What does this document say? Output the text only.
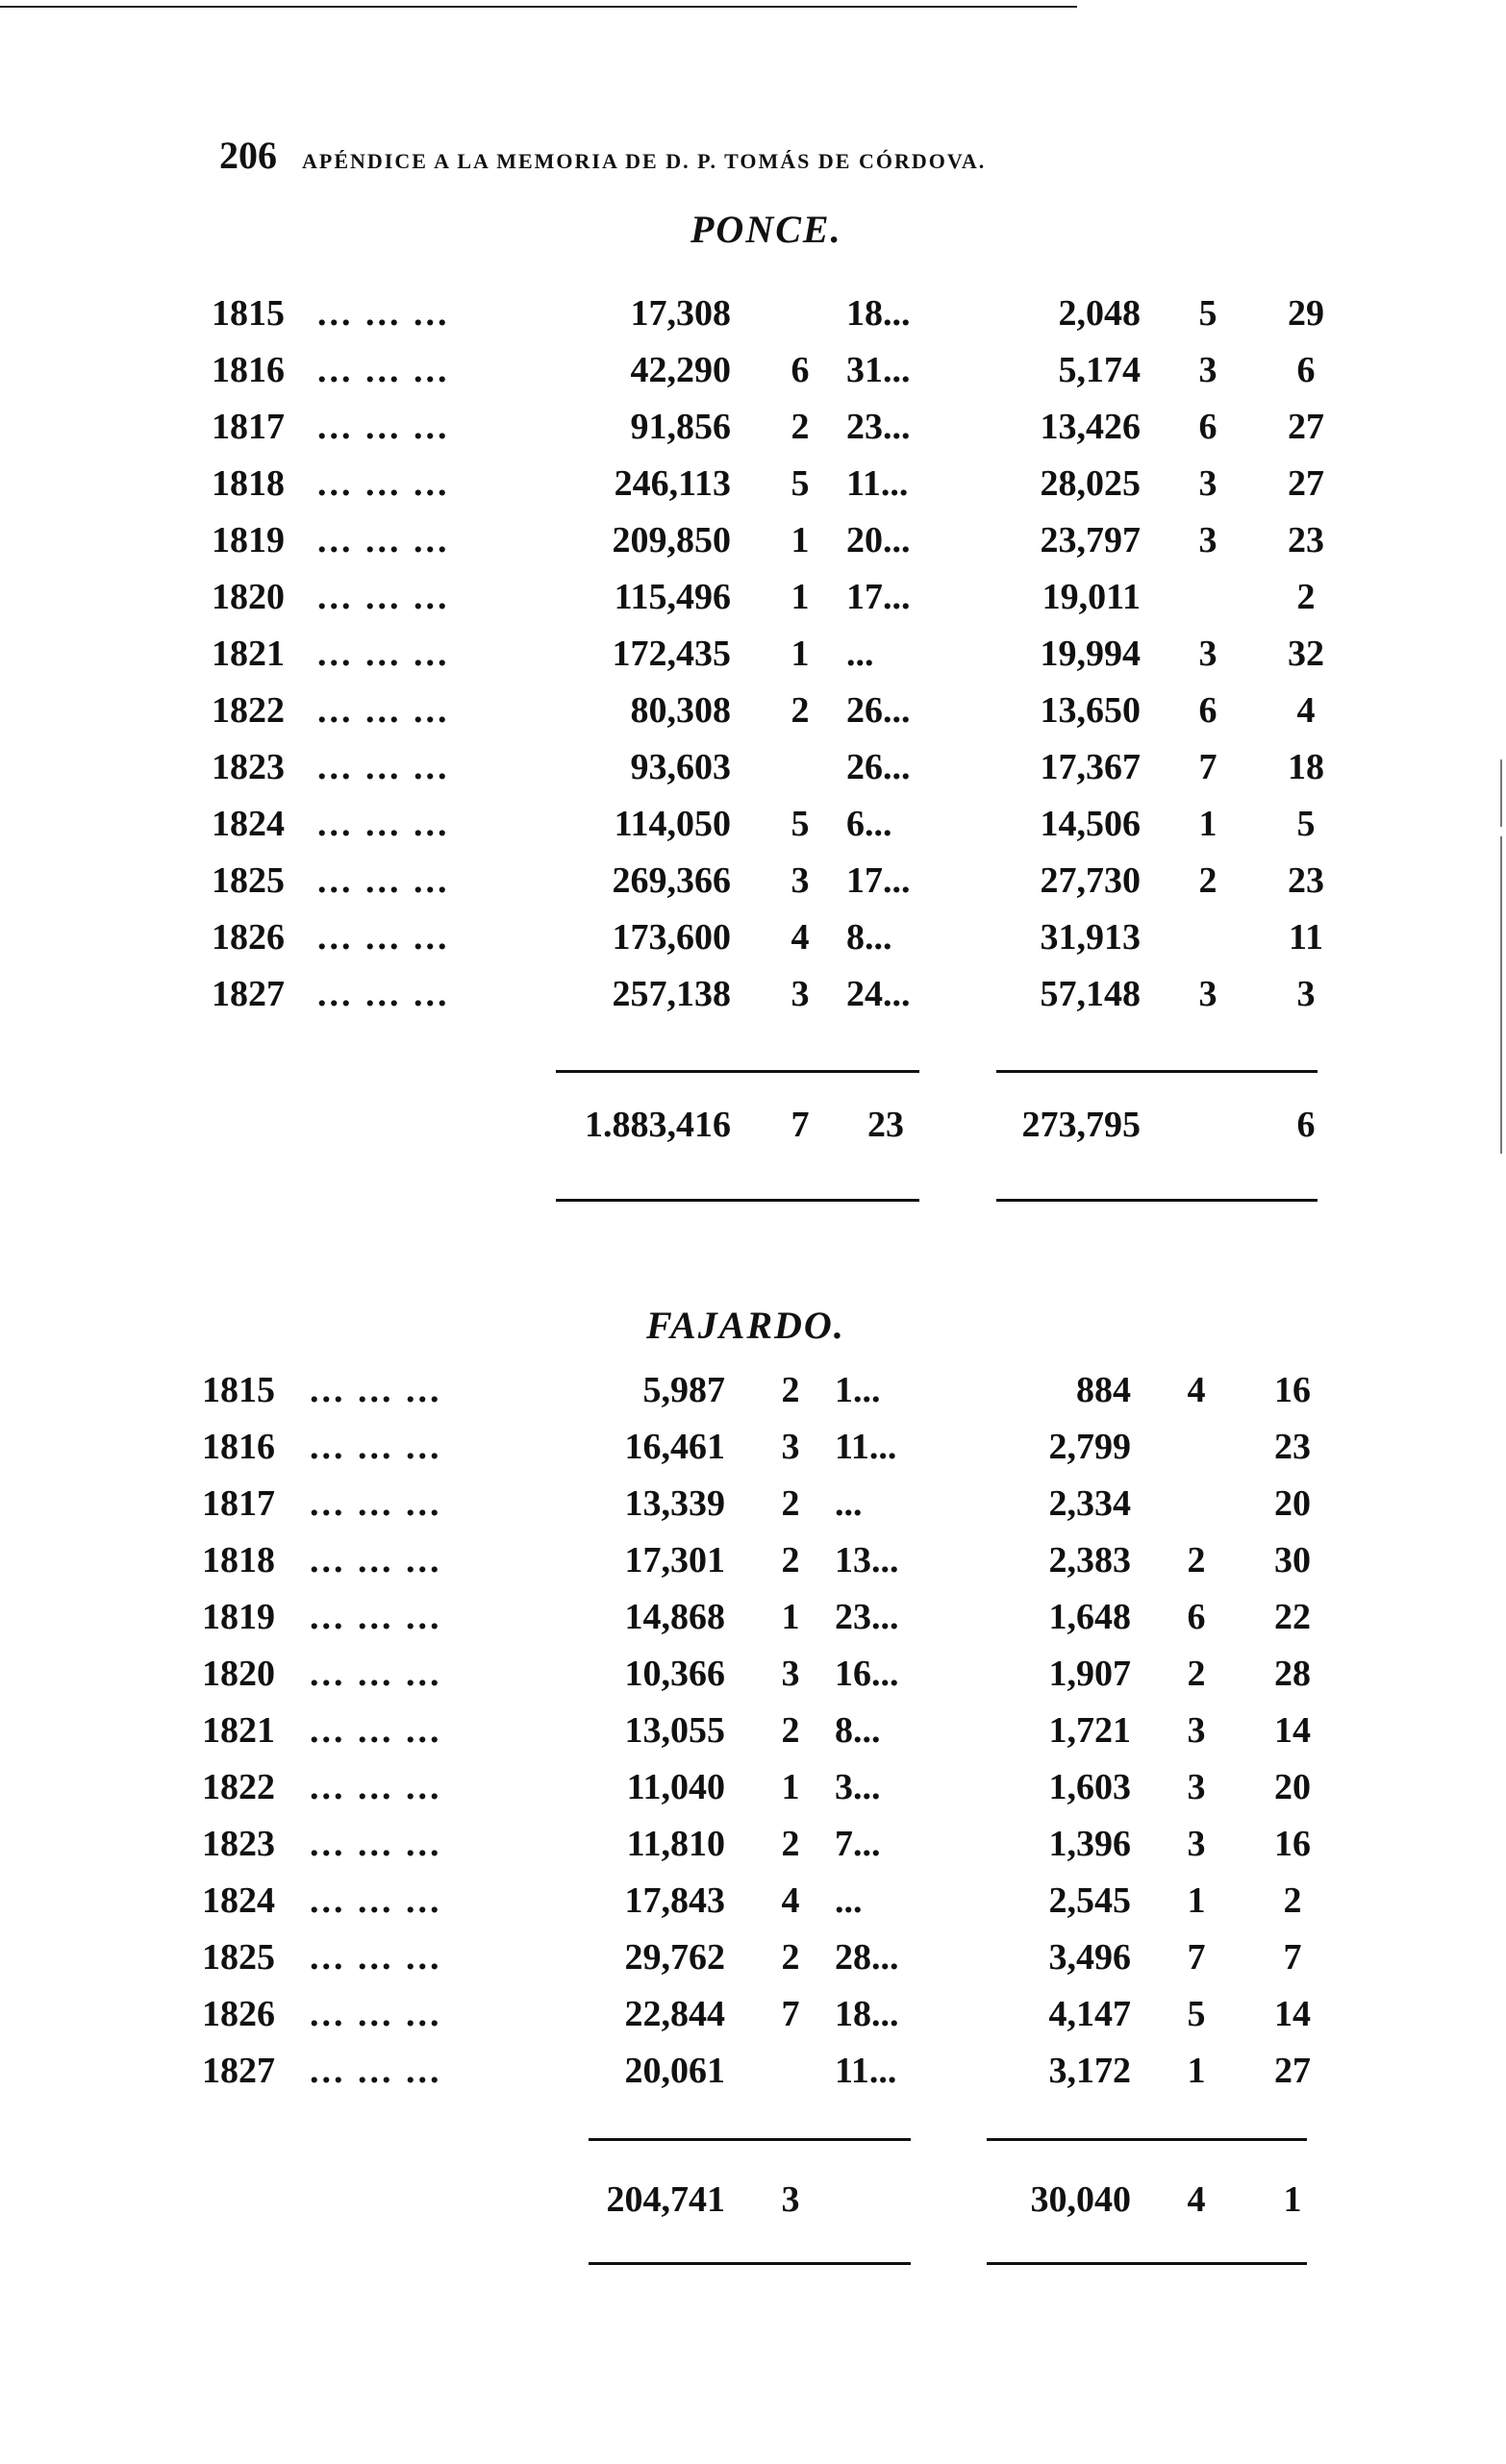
206 APÉNDICE A LA MEMORIA DE D. P. TOMÁS DE CÓRDOVA.
PONCE.
FAJARDO.
1815 ... ... ...	17,308	18...	2,048 5 29
1816 ... ... ...	42,290 6 31...	5,174 3	6
1817 ... ... ...	91,856 2 23...	13,426 6 27
1818 ... ... ...	246,113 5 11...	28,025 3 27
1819 ... ... ...	209,850 1 20...	23,797 3 23
1820 ... ... ...	115,496 1 17...	19,011	2
1821 ... ... ...	172,435 1 ...	19,994 3 32
1822 ... ... ...	80,308 2 26...	13,650 6	4
1823 ... ... ...	93,603	26...	17,367 7 18
1824 ... ... ...	114,050 5 6...	14,506 1	5
1825 ... ... ...	269,366 3 17...	27,730 2 23
1826 ... ... ...	173,600 4 8...	31,913	11
1827 ... ... ...	257,138 3 24...	57,148 3	3
1815 ... ... ...	5,987 2 1...	884 4 16
1816 ... ... ...	16,461 3 11...	2,799	23
1817 ... ... ...	13,339 2 ...	2,334	20
1818 ... ... ...	17,301 2 13...	2,383 2 30
1819 ... ... ...	14,868 1 23...	1,648 6 22
1820 ... ... ...	10,366 3 16...	1,907 2 28
1821 ... ... ...	13,055 2 8...	1,721 3 14
1822 ... ... ...	11,040 1 3...	1,603 3 20
1823 ... ... ...	11,810 2 7...	1,396 3 16
1824 ... ... ...	17,843 4 ...	2,545 1	2
1825 ... ... ...	29,762 2 28...	3,496 7	7
1826 ... ... ...	22,844 7 18...	4,147 5 14
1827 ... ... ...	20,061	11...	3,172 1 27
1.883,416 7	23	273,795	6
204,741 3	30,040 4	1
